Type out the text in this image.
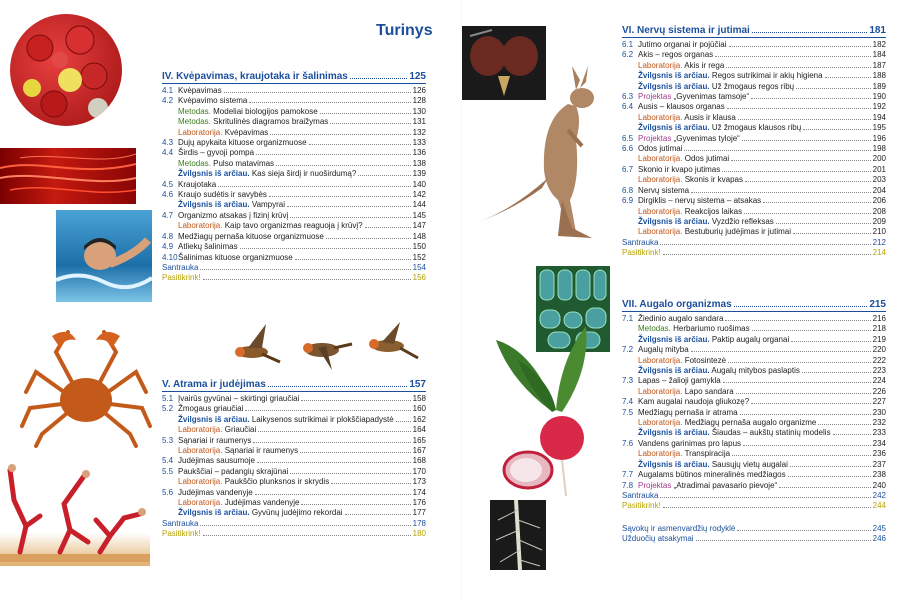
Turinys
IV. Kvėpavimas, kraujotaka ir šalinimas	125
4.1 Kvėpavimas	126
4.2 Kvėpavimo sistema	128
Metodas. Modeliai biologijos pamokose	130
Metodas. Skritulinės diagramos braižymas	131
Laboratorija. Kvėpavimas	132
4.3 Dujų apykaita kituose organizmuose	133
4.4 Širdis – gyvoji pompa	136
Metodas. Pulso matavimas	138
Žvilgsnis iš arčiau. Kas sieja širdį ir nuoširdumą?	139
4.5 Kraujotaka	140
4.6 Kraujo sudėtis ir savybės	142
Žvilgsnis iš arčiau. Vampyrai	144
4.7 Organizmo atsakas į fizinį krūvį	145
Laboratorija. Kaip tavo organizmas reaguoja į krūvį?	147
4.8 Medžiagų pernaša kituose organizmuose	148
4.9 Atliekų šalinimas	150
4.10 Šalinimas kituose organizmuose	152
Santrauka	154
Pasitikrink!	156
V. Atrama ir judėjimas	157
5.1 Įvairūs gyvūnai – skirtingi griaučiai	158
5.2 Žmogaus griaučiai	160
Žvilgsnis iš arčiau. Laikysenos sutrikimai ir plokščiapadystė 162
Laboratorija. Griaučiai	164
5.3 Sąnariai ir raumenys	165
Laboratorija. Sąnariai ir raumenys	167
5.4 Judėjimas sausumoje	168
5.5 Paukščiai – padangių skrajūnai	170
Laboratorija. Paukščio plunksnos ir skrydis	173
5.6 Judėjimas vandenyje	174
Laboratorija. Judėjimas vandenyje	176
Žvilgsnis iš arčiau. Gyvūnų judėjimo rekordai	177
Santrauka	178
Pasitikrink!	180
VI. Nervų sistema ir jutimai	181
6.1 Jutimo organai ir pojūčiai	182
6.2 Akis – regos organas	184
Laboratorija. Akis ir rega	187
Žvilgsnis iš arčiau. Regos sutrikimai ir akių higiena	188
Žvilgsnis iš arčiau. Už žmogaus regos ribų	189
6.3 Projektas „Gyvenimas tamsoje“	190
6.4 Ausis – klausos organas	192
Laboratorija. Ausis ir klausa	194
Žvilgsnis iš arčiau. Už žmogaus klausos ribų	195
6.5 Projektas „Gyvenimas tyloje“	196
6.6 Odos jutimai	198
Laboratorija. Odos jutimai	200
6.7 Skonio ir kvapo jutimas	201
Laboratorija. Skonis ir kvapas	203
6.8 Nervų sistema	204
6.9 Dirgiklis – nervų sistema – atsakas	206
Laboratorija. Reakcijos laikas	208
Žvilgsnis iš arčiau. Vyzdžio refleksas	209
Laboratorija. Bestuburių judėjimas ir jutimai	210
Santrauka	212
Pasitikrink!	214
VII. Augalo organizmas	215
7.1 Žiedinio augalo sandara	216
Metodas. Herbariumo ruošimas	218
Žvilgsnis iš arčiau. Paktip augalų organai	219
7.2 Augalų mityba	220
Laboratorija. Fotosintezė	222
Žvilgsnis iš arčiau. Augalų mitybos paslaptis	223
7.3 Lapas – žalioji gamykla	224
Laboratorija. Lapo sandara	226
7.4 Kam augalai naudoja gliukozę?	227
7.5 Medžiagų pernaša ir atrama	230
Laboratorija. Medžiagų pernaša augalo organizme	232
Žvilgsnis iš arčiau. Šiaudas – aukštų statinių modelis	233
7.6 Vandens garinimas pro lapus	234
Laboratorija. Transpiracija	236
Žvilgsnis iš arčiau. Sausųjų vietų augalai	237
7.7 Augalams būtinos mineralinės medžiagos	238
7.8 Projektas „Atradimai pavasario pievoje“	240
Santrauka	242
Pasitikrink!	244
Sąvokų ir asmenvardžių rodyklė	245
Užduočių atsakymai	246
